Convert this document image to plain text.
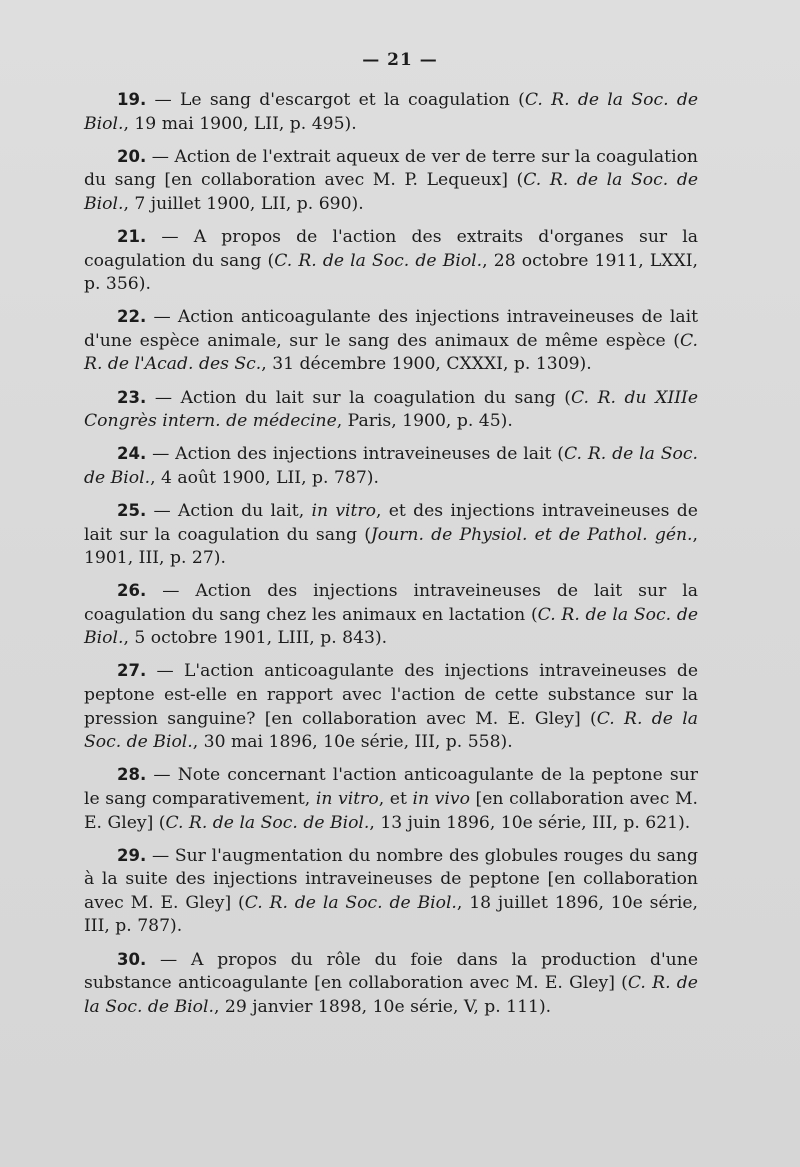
— 21 —

19. — Le sang d'escargot et la coagulation (C. R. de la Soc. de Biol., 19 mai 1900, LII, p. 495).

20. — Action de l'extrait aqueux de ver de terre sur la coagulation du sang [en collaboration avec M. P. Lequeux] (C. R. de la Soc. de Biol., 7 juillet 1900, LII, p. 690).

21. — A propos de l'action des extraits d'organes sur la coagulation du sang (C. R. de la Soc. de Biol., 28 octobre 1911, LXXI, p. 356).

22. — Action anticoagulante des injections intraveineuses de lait d'une espèce animale, sur le sang des animaux de même espèce (C. R. de l'Acad. des Sc., 31 décembre 1900, CXXXI, p. 1309).

23. — Action du lait sur la coagulation du sang (C. R. du XIIIe Congrès intern. de médecine, Paris, 1900, p. 45).

24. — Action des injections intraveineuses de lait (C. R. de la Soc. de Biol., 4 août 1900, LII, p. 787).

25. — Action du lait, in vitro, et des injections intraveineuses de lait sur la coagulation du sang (Journ. de Physiol. et de Pathol. gén., 1901, III, p. 27).

26. — Action des injections intraveineuses de lait sur la coagulation du sang chez les animaux en lactation (C. R. de la Soc. de Biol., 5 octobre 1901, LIII, p. 843).

27. — L'action anticoagulante des injections intraveineuses de peptone est-elle en rapport avec l'action de cette substance sur la pression sanguine? [en collaboration avec M. E. Gley] (C. R. de la Soc. de Biol., 30 mai 1896, 10e série, III, p. 558).

28. — Note concernant l'action anticoagulante de la peptone sur le sang comparativement, in vitro, et in vivo [en collaboration avec M. E. Gley] (C. R. de la Soc. de Biol., 13 juin 1896, 10e série, III, p. 621).

29. — Sur l'augmentation du nombre des globules rouges du sang à la suite des injections intraveineuses de peptone [en collaboration avec M. E. Gley] (C. R. de la Soc. de Biol., 18 juillet 1896, 10e série, III, p. 787).

30. — A propos du rôle du foie dans la production d'une substance anticoagulante [en collaboration avec M. E. Gley] (C. R. de la Soc. de Biol., 29 janvier 1898, 10e série, V, p. 111).
